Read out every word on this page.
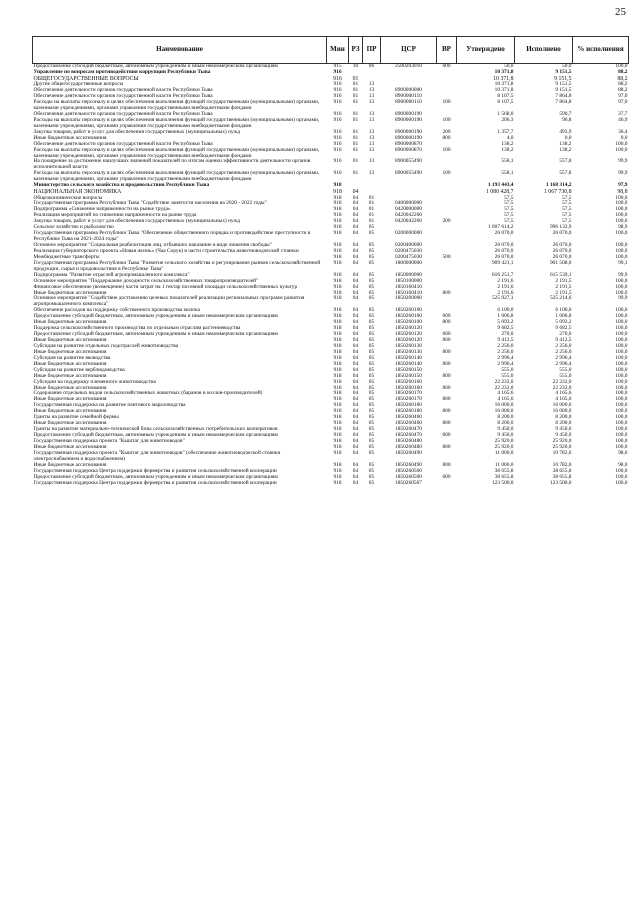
25
Наименование	Мин	РЗ	ПР	ЦСР	ВР	Утверждено	Исполнено	% исполнения
Предоставление субсидий бюджетным, автономным учреждениям и иным некоммерческим организациям	915	10	06	2500203010	600	50,0	50,0	100,0
Управление по вопросам противодействия коррупции Республики Тыва	916					10 371,8	9 151,5	88,2
ОБЩЕГОСУДАРСТВЕННЫЕ ВОПРОСЫ	916	01				10 371,8	9 151,5	88,2
Другие общегосударственные вопросы	916	01	13			10 371,8	9 151,5	88,2
Обеспечение деятельности органов государственной власти Республики Тыва	916	01	13	8900000000		10 371,8	9 151,5	88,2
Обеспечение деятельности органов государственной власти Республики Тыва	916	01	13	8900000110		8 107,5	7 864,8	97,0
Расходы на выплаты персоналу в целях обеспечения выполнения функций государственными (муниципальными) органами, казенными учреждениями, органами управления государственными внебюджетными фондами	916	01	13	8900000110	100	8 107,5	7 864,8	97,0
Обеспечение деятельности органов государственной власти Республики Тыва	916	01	13	8900000190		1 568,0	590,7	37,7
Расходы на выплаты персоналу в целях обеспечения выполнения функций государственными (муниципальными) органами, казенными учреждениями, органами управления государственными внебюджетными фондами	916	01	13	8900000190	100	206,3	96,8	46,9
Закупка товаров, работ и услуг для обеспечения государственных (муниципальных) нужд	916	01	13	8900000190	200	1 357,7	493,9	36,4
Иные бюджетные ассигнования	916	01	13	8900000190	800	4,0	0,0	0,0
Обеспечение деятельности органов государственной власти Республики Тыва	916	01	13	8900000870		138,2	138,2	100,0
Расходы на выплаты персоналу в целях обеспечения выполнения функций государственными (муниципальными) органами, казенными учреждениями, органами управления государственными внебюджетными фондами	916	01	13	8900000870	100	138,2	138,2	100,0
На поощрение за достижение наилучших значений показателей по итогам оценки эффективности деятельности органов исполнительной власти	916	01	13	8900055490		558,1	557,8	99,9
Расходы на выплаты персоналу в целях обеспечения выполнения функций государственными (муниципальными) органами, казенными учреждениями, органами управления государственными внебюджетными фондами	916	01	13	8900055490	100	558,1	557,8	99,9
Министерство сельского хозяйства и продовольствия Республики Тыва	918					1 193 443,4	1 168 314,2	97,9
НАЦИОНАЛЬНАЯ ЭКОНОМИКА	918	04				1 080 428,7	1 067 730,8	98,8
Общеэкономические вопросы	918	04	01			57,5	57,5	100,0
Государственная программа Республики Тыва "Содействие занятости населения на 2020 - 2022 годы"	918	04	01	0400000000		57,5	57,5	100,0
Подпрограмма «Снижение напряженности на рынке труда»	918	04	01	0420000000		57,5	57,5	100,0
Реализация мероприятий по снижению напряженности на рынке труда	918	04	01	0420042260		57,5	57,5	100,0
Закупка товаров, работ и услуг для обеспечения государственных (муниципальных) нужд	918	04	01	0420042260	200	57,5	57,5	100,0
Сельское хозяйство и рыболовство	918	04	05			1 007 614,2	996 133,9	98,9
Государственная программа Республики Тыва "Обеспечение общественного порядка и противодействие преступности в Республике Тыва на 2021-2024 годы"	918	04	05	0200000000		26 070,0	26 070,0	100,0
Основное мероприятие "Социальная реабилитация лиц, отбывших наказание в виде лишения свободы"	918	04	05	0200400000		26 070,0	26 070,0	100,0
Реализация губернаторского проекта «Новая жизнь» (Чаа Сорук) в части строительства животноводческой стоянки	918	04	05	0200475030		26 070,0	26 070,0	100,0
Межбюджетные трансферты	918	04	05	0200475030	500	26 070,0	26 070,0	100,0
Государственная программа Республики Тыва "Развитие сельского хозяйства и регулирование рынков сельскохозяйственной продукции, сырья и продовольствия в Республике Тыва"	918	04	05	1800000000		909 421,1	901 508,0	99,1
Подпрограмма "Развитие отраслей агропромышленного комплекса"	918	04	05	1850000000		616 251,7	615 539,1	99,9
Основное мероприятие "Поддержание доходности сельскохозяйственных товаропроизводителей"	918	04	05	1850100000		2 191,6	2 191,5	100,0
Финансовое обеспечение (возмещение) части затрат на 1 гектар посевной площади сельскохозяйственных культур	918	04	05	1850160410		2 191,6	2 191,5	100,0
Иные бюджетные ассигнования	918	04	05	1850160410	800	2 191,6	2 191,5	100,0
Основное мероприятие "Содействие достижению целевых показателей реализации региональных программ развития агропромышленного комплекса"	918	04	05	1850200000		525 927,1	525 214,6	99,9
Обеспечение расходов на поддержку собственного производства молока	918	04	05	1850260100		6 100,0	6 100,0	100,0
Предоставление субсидий бюджетным, автономным учреждениям и иным некоммерческим организациям	918	04	05	1850260100	600	1 006,8	1 006,8	100,0
Иные бюджетные ассигнования	918	04	05	1850260100	800	5 093,2	5 093,2	100,0
Поддержка сельскохозяйственного производства по отдельным отраслям растениеводства	918	04	05	1850260120		9 682,5	9 682,5	100,0
Предоставление субсидий бюджетным, автономным учреждениям и иным некоммерческим организациям	918	04	05	1850260120	600	270,0	270,0	100,0
Иные бюджетные ассигнования	918	04	05	1850260120	800	9 412,5	9 412,5	100,0
Субсидия на развитие отдельных подотраслей животноводства	918	04	05	1850260130		2 256,0	2 256,0	100,0
Иные бюджетные ассигнования	918	04	05	1850260130	800	2 256,0	2 256,0	100,0
Субсидия на развитие яководства	918	04	05	1850260140		2 996,4	2 996,4	100,0
Иные бюджетные ассигнования	918	04	05	1850260140	800	2 996,4	2 996,4	100,0
Субсидия на развитие верблюдоводства	918	04	05	1850260150		555,0	555,0	100,0
Иные бюджетные ассигнования	918	04	05	1850260150	800	555,0	555,0	100,0
Субсидии на поддержку племенного животноводства	918	04	05	1850260160		22 232,0	22 232,0	100,0
Иные бюджетные ассигнования	918	04	05	1850260160	800	22 232,0	22 232,0	100,0
Содержание отдельных видов сельскохозяйственных животных (баранов и козлов-производителей)	918	04	05	1850260170		4 165,6	4 165,6	100,0
Иные бюджетные ассигнования	918	04	05	1850260170	800	4 165,6	4 165,6	100,0
Государственная поддержка на развитие пантового мараловодства	918	04	05	1850260180		16 000,0	16 000,0	100,0
Иные бюджетные ассигнования	918	04	05	1850260180	800	16 000,0	16 000,0	100,0
Гранты на развитие семейной фермы	918	04	05	1850260460		8 200,0	8 200,0	100,0
Иные бюджетные ассигнования	918	04	05	1850260460	800	8 200,0	8 200,0	100,0
Гранты на развитие материально-технической базы сельскохозяйственных потребительских кооперативов	918	04	05	1850260470		9 450,0	9 450,0	100,0
Предоставление субсидий бюджетным, автономным учреждениям и иным некоммерческим организациям	918	04	05	1850260470	600	9 450,0	9 450,0	100,0
Государственная поддержка проекта "Кыштаг для животноводов"	918	04	05	1850260480		25 920,0	25 920,0	100,0
Иные бюджетные ассигнования	918	04	05	1850260480	800	25 920,0	25 920,0	100,0
Государственная поддержка проекта "Кыштаг для животноводов" (обеспечение животноводческой стоянки электроснабжением и водоснабжением)	918	04	05	1850260490		11 000,0	10 782,6	98,0
Иные бюджетные ассигнования	918	04	05	1850260490	800	11 000,0	10 782,6	98,0
Государственная поддержка Центра поддержки фермерства и развития сельскохозяйственной кооперации	918	04	05	1850260500		38 655,8	38 655,8	100,0
Предоставление субсидий бюджетным, автономным учреждениям и иным некоммерческим организациям	918	04	05	1850260500	600	38 655,8	38 655,8	100,0
Государственная поддержка Центра поддержки фермерства и развития сельскохозяйственной кооперации	918	04	05	1850260507		123 500,0	123 500,0	100,0
